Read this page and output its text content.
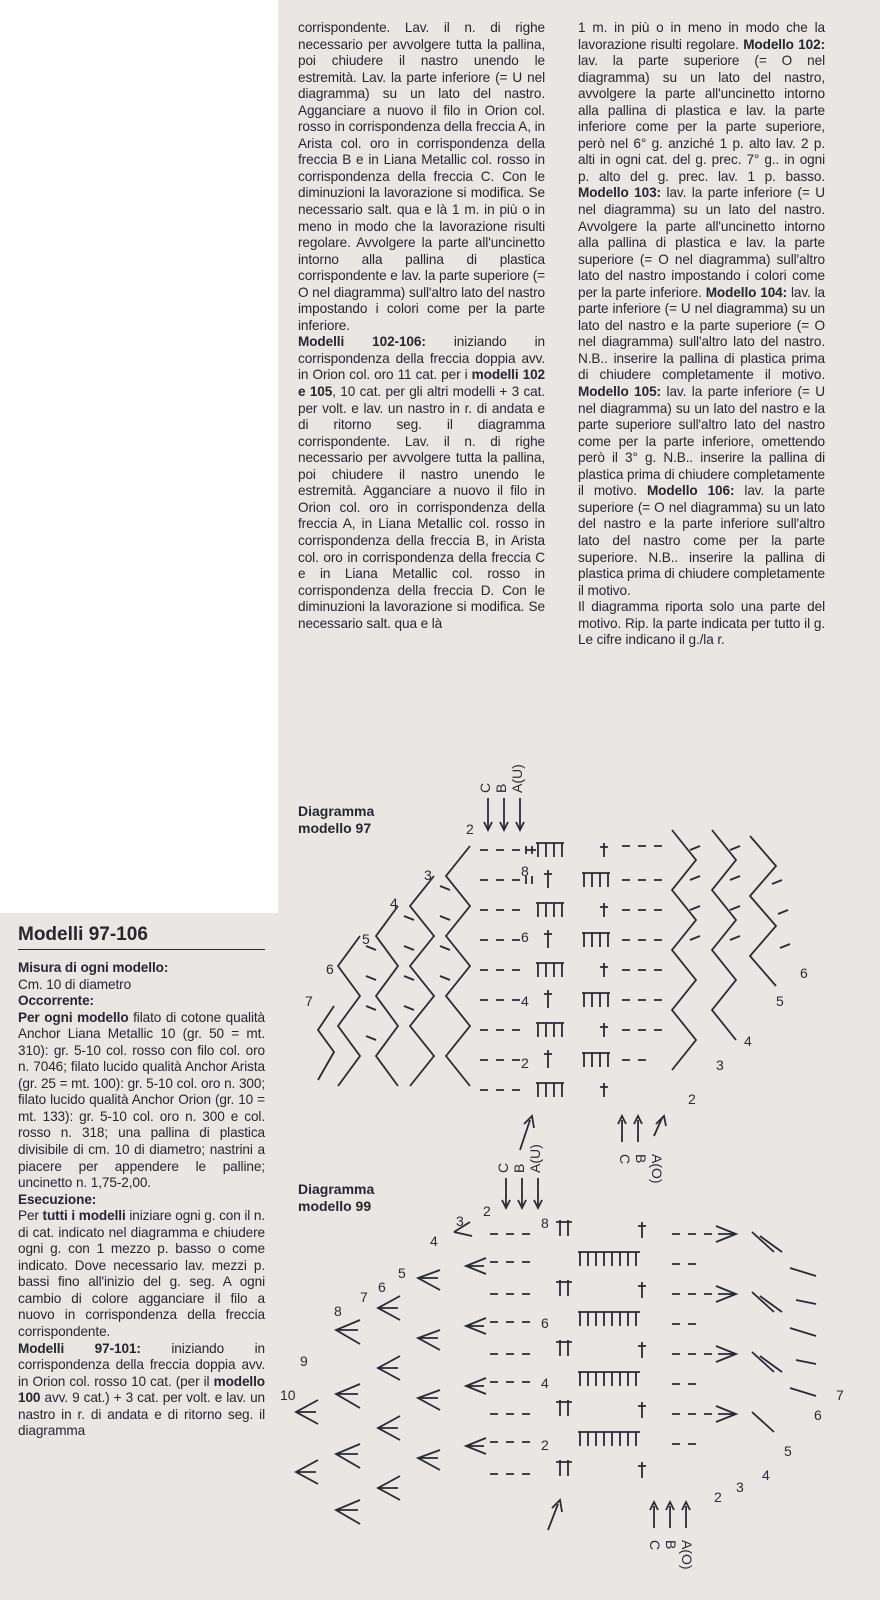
corrispondente. Lav. il n. di righe necessario per avvolgere tutta la pallina, poi chiudere il nastro unendo le estremità. Lav. la parte inferiore (= U nel diagramma) su un lato del nastro. Agganciare a nuovo il filo in Orion col. rosso in corrispondenza della freccia A, in Arista col. oro in corrispondenza della freccia B e in Liana Metallic col. rosso in corrispondenza della freccia C. Con le diminuzioni la lavorazione si modifica. Se necessario salt. qua e là 1 m. in più o in meno in modo che la lavorazione risulti regolare. Avvolgere la parte all'uncinetto intorno alla pallina di plastica corrispondente e lav. la parte superiore (= O nel diagramma) sull'altro lato del nastro impostando i colori come per la parte inferiore.

Modelli 102-106: iniziando in corrispondenza della freccia doppia avv. in Orion col. oro 11 cat. per i modelli 102 e 105, 10 cat. per gli altri modelli + 3 cat. per volt. e lav. un nastro in r. di andata e di ritorno seg. il diagramma corrispondente. Lav. il n. di righe necessario per avvolgere tutta la pallina, poi chiudere il nastro unendo le estremità. Agganciare a nuovo il filo in Orion col. oro in corrispondenza della freccia A, in Liana Metallic col. rosso in corrispondenza della freccia B, in Arista col. oro in corrispondenza della freccia C e in Liana Metallic col. rosso in corrispondenza della freccia D. Con le diminuzioni la lavorazione si modifica. Se necessario salt. qua e là

1 m. in più o in meno in modo che la lavorazione risulti regolare. Modello 102: lav. la parte superiore (= O nel diagramma) su un lato del nastro, avvolgere la parte all'uncinetto intorno alla pallina di plastica e lav. la parte inferiore come per la parte superiore, però nel 6° g. anziché 1 p. alto lav. 2 p. alti in ogni cat. del g. prec. 7° g.. in ogni p. alto del g. prec. lav. 1 p. basso. Modello 103: lav. la parte inferiore (= U nel diagramma) su un lato del nastro. Avvolgere la parte all'uncinetto intorno alla pallina di plastica e lav. la parte superiore (= O nel diagramma) sull'altro lato del nastro impostando i colori come per la parte inferiore. Modello 104: lav. la parte inferiore (= U nel diagramma) su un lato del nastro e la parte superiore (= O nel diagramma) sull'altro lato del nastro. N.B.. inserire la pallina di plastica prima di chiudere completamente il motivo. Modello 105: lav. la parte inferiore (= U nel diagramma) su un lato del nastro e la parte superiore sull'altro lato del nastro come per la parte inferiore, omettendo però il 3° g. N.B.. inserire la pallina di plastica prima di chiudere completamente il motivo. Modello 106: lav. la parte superiore (= O nel diagramma) su un lato del nastro e la parte inferiore sull'altro lato del nastro come per la parte superiore. N.B.. inserire la pallina di plastica prima di chiudere completamente il motivo.

Il diagramma riporta solo una parte del motivo. Rip. la parte indicata per tutto il g. Le cifre indicano il g./la r.

Modelli 97-106

Misura di ogni modello:

Cm. 10 di diametro

Occorrente:

Per ogni modello filato di cotone qualità Anchor Liana Metallic 10 (gr. 50 = mt. 310): gr. 5-10 col. rosso con filo col. oro n. 7046; filato lucido qualità Anchor Arista (gr. 25 = mt. 100): gr. 5-10 col. oro n. 300; filato lucido qualità Anchor Orion (gr. 10 = mt. 133): gr. 5-10 col. oro n. 300 e col. rosso n. 318; una pallina di plastica divisibile di cm. 10 di diametro; nastrini a piacere per appendere le palline; uncinetto n. 1,75-2,00.

Esecuzione:

Per tutti i modelli iniziare ogni g. con il n. di cat. indicato nel diagramma e chiudere ogni g. con 1 mezzo p. basso o come indicato. Dove necessario lav. mezzi p. bassi fino all'inizio del g. seg. A ogni cambio di colore agganciare il filo a nuovo in corrispondenza della freccia corrispondente.

Modelli 97-101: iniziando in corrispondenza della freccia doppia avv. in Orion col. rosso 10 cat. (per il modello 100 avv. 9 cat.) + 3 cat. per volt. e lav. un nastro in r. di andata e di ritorno seg. il diagramma

Diagramma
modello 97
Diagramma
modello 99
C B A(U)
C B A(O)
2
3
4
5
6
7
8
6
4
2
6
5
4
3
2
C B A(U)
C B A(O)
2
3
4
5
6
7
8
9
10
8
6
4
2
7
6
5
4
3
2
